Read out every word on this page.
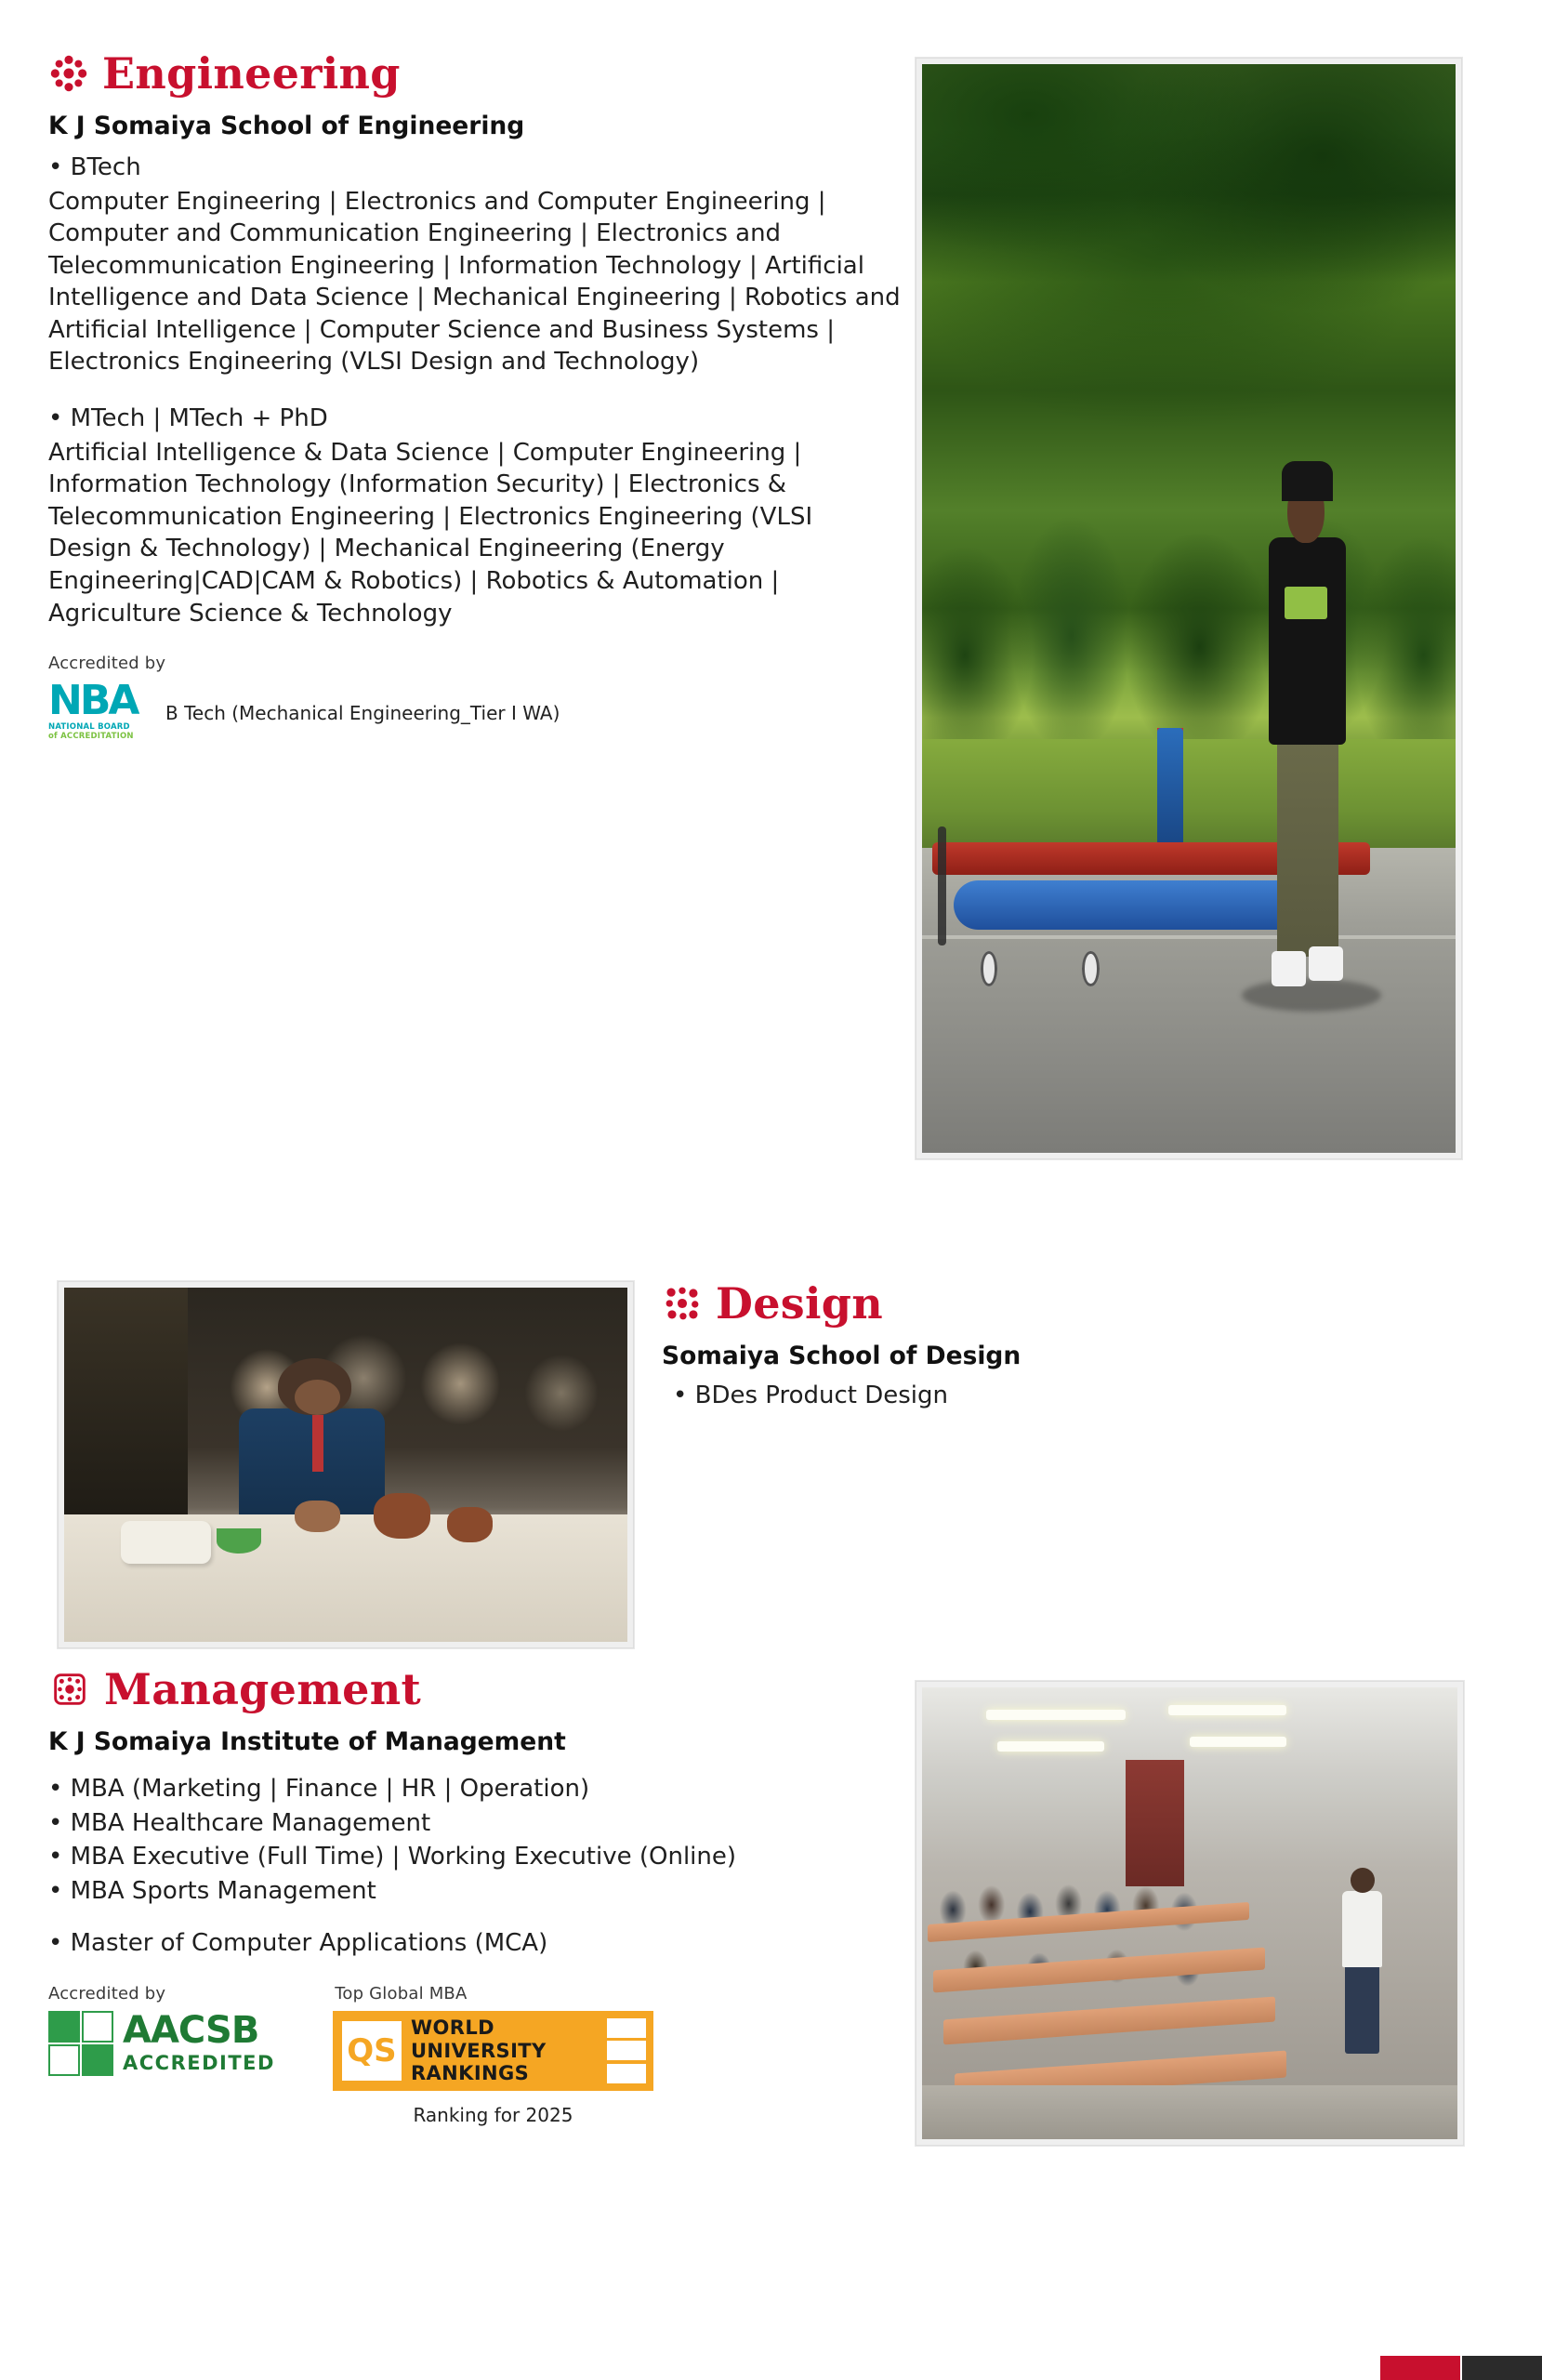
Engineering
K J Somaiya School of Engineering
• BTech
Computer Engineering | Electronics and Computer Engineering | Computer and Communication Engineering | Electronics and Telecommunication Engineering | Information Technology | Artificial Intelligence and Data Science | Mechanical Engineering | Robotics and Artificial Intelligence | Computer Science and Business Systems | Electronics Engineering (VLSI Design and Technology)
• MTech | MTech + PhD
Artificial Intelligence & Data Science | Computer Engineering | Information Technology (Information Security) | Electronics & Telecommunication Engineering | Electronics Engineering (VLSI Design & Technology) | Mechanical Engineering (Energy Engineering|CAD|CAM & Robotics) | Robotics & Automation | Agriculture Science & Technology
Accredited by
NBA
NATIONAL BOARD
of ACCREDITATION
B Tech (Mechanical Engineering_Tier I WA)
Design
Somaiya School of Design
• BDes Product Design
Management
K J Somaiya Institute of Management
• MBA (Marketing | Finance | HR | Operation)
• MBA Healthcare Management
• MBA Executive (Full Time) | Working Executive (Online)
• MBA Sports Management
• Master of Computer Applications (MCA)
Accredited by	Top Global MBA
AACSB
ACCREDITED QS
WORLD
UNIVERSITY
RANKINGS
Ranking for 2025
